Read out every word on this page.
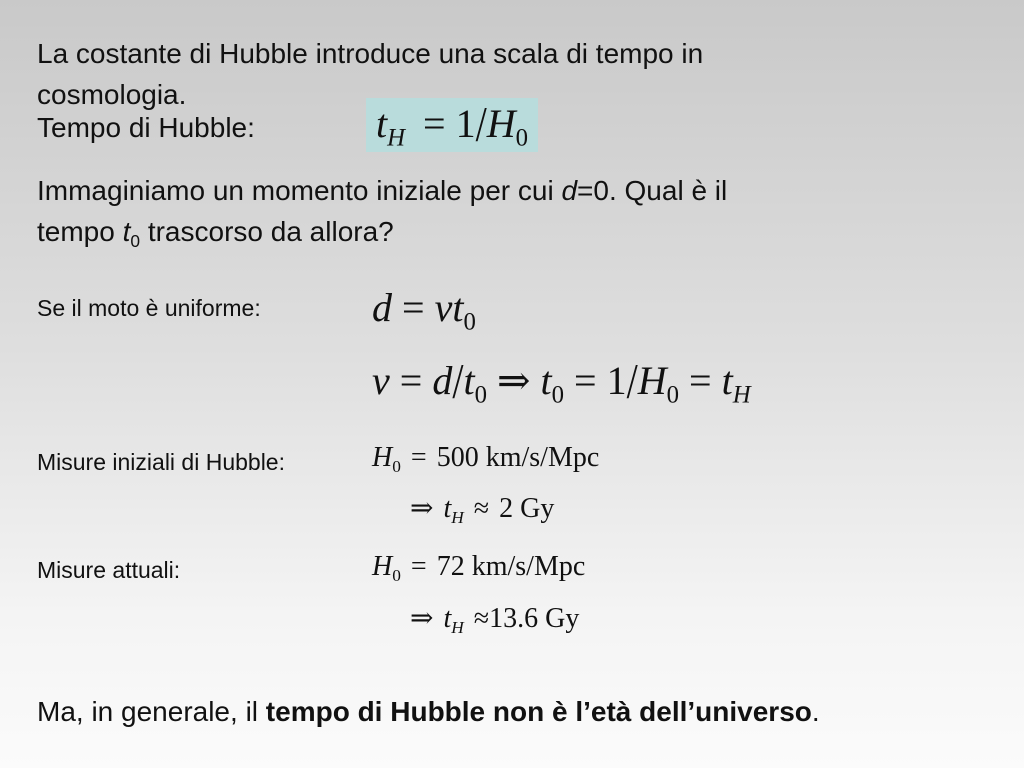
La costante di Hubble introduce una scala di tempo in

cosmologia.

Tempo di Hubble:	$t_H = 1/H_0$

Immaginiamo un momento iniziale per cui d=0. Qual è il

tempo $t_0$ trascorso da allora?

Se il moto è uniforme:	$d = vt_0$
$v = d/t_0$ ⇒ $t_0 = 1/H_0 = t_H$

Misure iniziali di Hubble:	$H_0 = 500$ km/s/Mpc
⇒ $t_H \approx 2$ Gy

Misure attuali:	$H_0 = 72$ km/s/Mpc
⇒ $t_H \approx 13.6$ Gy

Ma, in generale, il tempo di Hubble non è l’età dell’universo.
